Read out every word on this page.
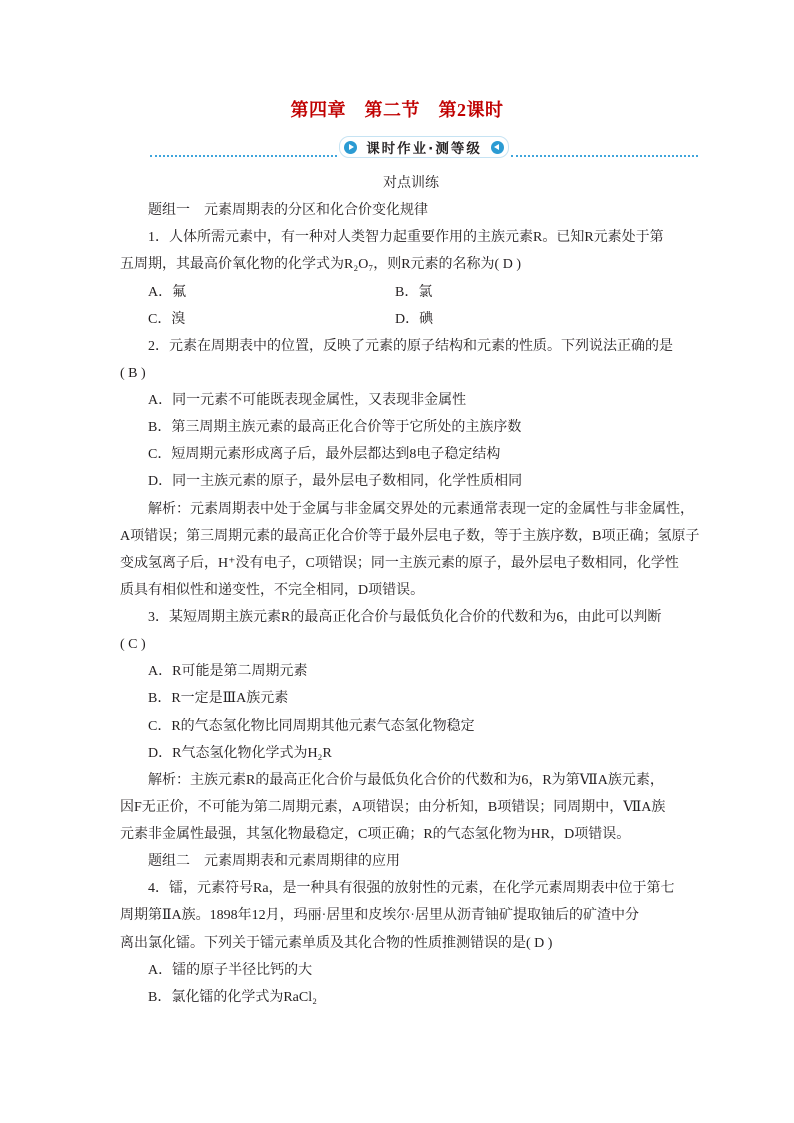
第四章　第二节　第2课时
课时作业·测等级
对点训练
题组一　元素周期表的分区和化合价变化规律
1．人体所需元素中，有一种对人类智力起重要作用的主族元素R。已知R元素处于第
五周期，其最高价氧化物的化学式为R₂O₇，则R元素的名称为( D )
A．氟	B．氯
C．溴	D．碘
2．元素在周期表中的位置，反映了元素的原子结构和元素的性质。下列说法正确的是
( B )
A．同一元素不可能既表现金属性，又表现非金属性
B．第三周期主族元素的最高正化合价等于它所处的主族序数
C．短周期元素形成离子后，最外层都达到8电子稳定结构
D．同一主族元素的原子，最外层电子数相同，化学性质相同
解析：元素周期表中处于金属与非金属交界处的元素通常表现一定的金属性与非金属性，
A项错误；第三周期元素的最高正化合价等于最外层电子数，等于主族序数，B项正确；氢原子
变成氢离子后，H⁺没有电子，C项错误；同一主族元素的原子，最外层电子数相同，化学性
质具有相似性和递变性，不完全相同，D项错误。
3．某短周期主族元素R的最高正化合价与最低负化合价的代数和为6，由此可以判断
( C )
A．R可能是第二周期元素
B．R一定是ⅢA族元素
C．R的气态氢化物比同周期其他元素气态氢化物稳定
D．R气态氢化物化学式为H₂R
解析：主族元素R的最高正化合价与最低负化合价的代数和为6，R为第ⅦA族元素，
因F无正价，不可能为第二周期元素，A项错误；由分析知，B项错误；同周期中，ⅦA族
元素非金属性最强，其氢化物最稳定，C项正确；R的气态氢化物为HR，D项错误。
题组二　元素周期表和元素周期律的应用
4．镭，元素符号Ra，是一种具有很强的放射性的元素，在化学元素周期表中位于第七
周期第ⅡA族。1898年12月，玛丽·居里和皮埃尔·居里从沥青铀矿提取铀后的矿渣中分
离出氯化镭。下列关于镭元素单质及其化合物的性质推测错误的是( D )
A．镭的原子半径比钙的大
B．氯化镭的化学式为RaCl₂
